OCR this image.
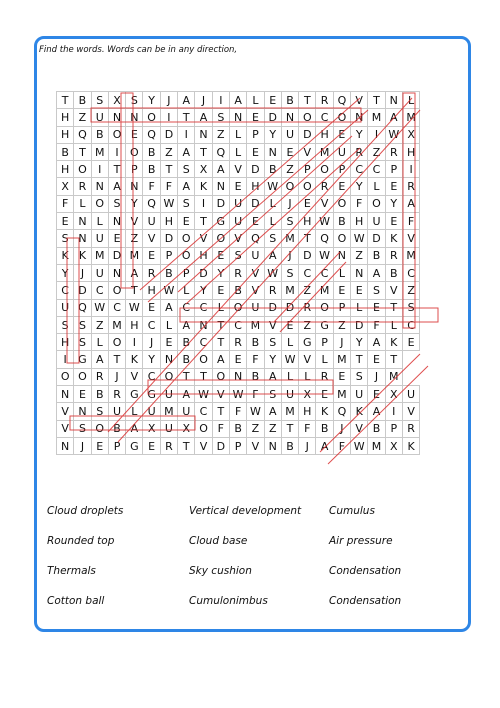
Find the words. Words can be in any direction,
T	B	S	X	S	Y	J	A	J	I	A	L	E	B	T	R	Q	V	T	N	L
H	Z	U	N	N	O	I	T	A	S	N	E	D	N	O	C	O	N	M	A	M
H	Q	B	O	E	Q	D	I	N	Z	L	P	Y	U	D	H	E	Y	I	W	X
B	T	M	I	O	B	Z	A	T	Q	L	E	N	E	V	M	U	R	Z	R	H
H	O	I	T	P	B	T	S	X	A	V	D	B	Z	P	O	P	C	C	P	I
X	R	N	A	N	F	F	A	K	N	E	H	W	O	O	R	E	Y	L	E	R
F	L	O	S	Y	Q	W	S	I	D	U	D	L	J	E	V	O	F	O	Y	A
E	N	L	N	V	U	H	E	T	G	U	E	L	S	H	W	B	H	U	E	F
S	N	U	E	Z	V	D	O	V	O	V	Q	S	M	T	Q	O	W	D	K	V
K	K	M	D	M	E	P	O	H	E	S	U	A	J	D	W	N	Z	B	R	M
Y	J	U	N	A	R	B	P	D	Y	R	V	W	S	C	C	L	N	A	B	C
C	D	C	O	T	H	W	L	Y	E	B	V	R	M	Z	M	E	E	S	V	Z
U	Q	W	C	W	E	A	C	C	L	O	U	D	D	R	O	P	L	E	T	S
S	S	Z	M	H	C	L	A	N	T	C	M	V	E	Z	G	Z	D	F	L	C
H	S	L	O	I	J	E	B	C	T	R	B	S	L	G	P	J	Y	A	K	E
I	G	A	T	K	Y	N	B	O	A	E	F	Y	W	V	L	M	T	E	T	
O	O	R	J	V	C	O	T	T	O	N	B	A	L	L	R	E	S	J	M	
N	E	B	R	G	G	U	A	W	V	W	F	S	U	X	E	M	U	E	X	U
V	N	S	U	L	U	M	U	C	T	F	W	A	M	H	K	Q	K	A	I	V
V	S	O	B	A	X	U	X	O	F	B	Z	Z	T	F	B	J	V	B	P	R
N	J	E	P	G	E	R	T	V	D	P	V	N	B	J	A	F	W	M	X	K
Cloud droplets	Vertical development	Cumulus
Rounded top	Cloud base	Air pressure
Thermals	Sky cushion	Condensation
Cotton ball	Cumulonimbus	Condensation
